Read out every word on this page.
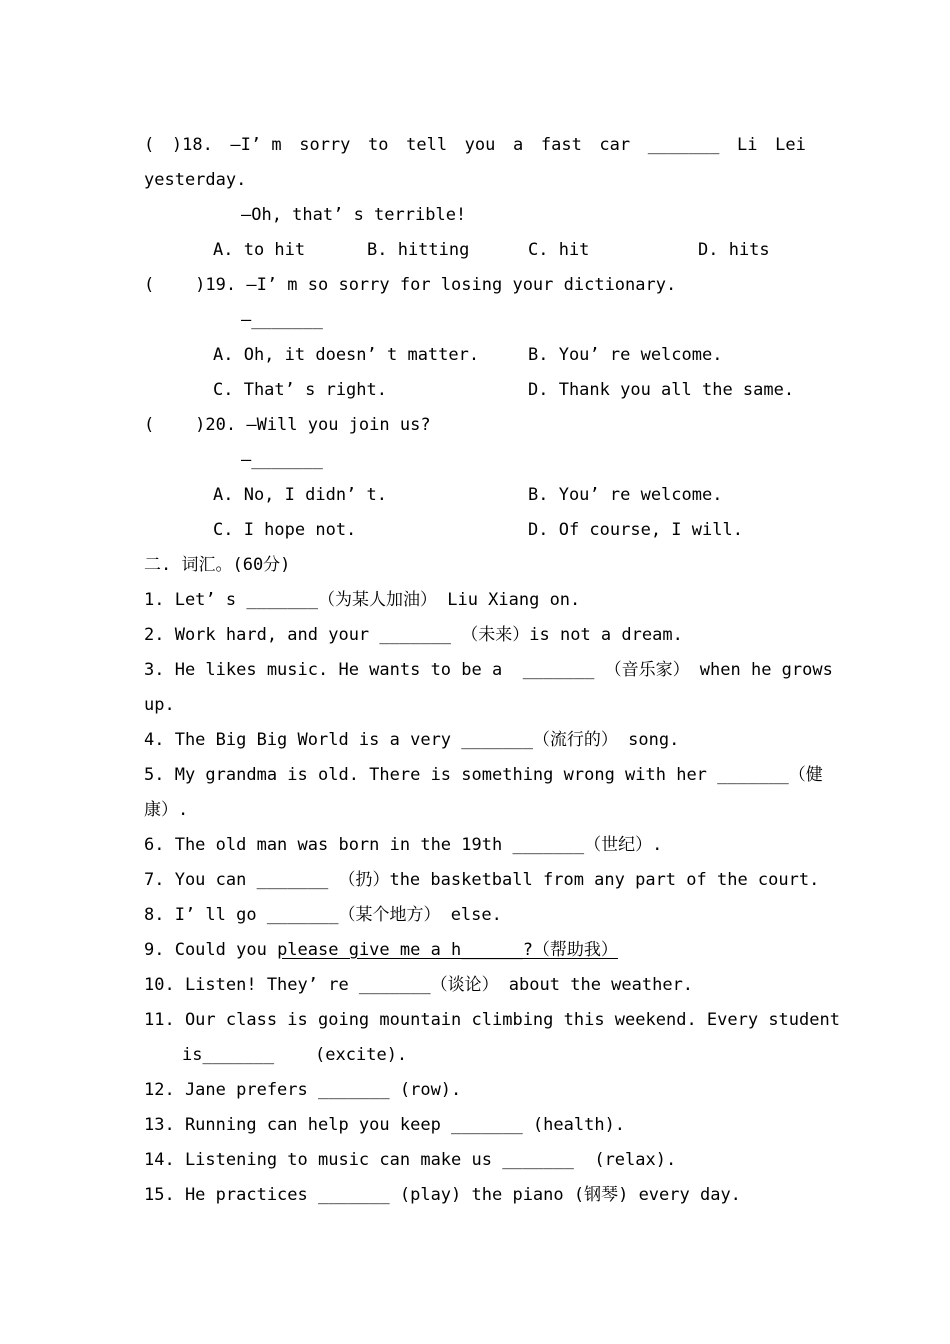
( )18. —I’ m sorry to tell you a fast car _______ Li Lei
yesterday.
—Oh, that’ s terrible!
A. to hit	B. hitting	C. hit	D. hits
(    )19. —I’ m so sorry for losing your dictionary.
—_______
A. Oh, it doesn’ t matter.	B. You’ re welcome.
C. That’ s right.	D. Thank you all the same.
(    )20. —Will you join us?
—_______
A. No, I didn’ t.	B. You’ re welcome.
C. I hope not.	D. Of course, I will.
二. 词汇。(60分)
1. Let’ s _______（为某人加油） Liu Xiang on.
2. Work hard, and your _______ （未来）is not a dream.
3. He likes music. He wants to be a  _______ （音乐家） when he grows
up.
4. The Big Big World is a very _______（流行的） song.
5. My grandma is old. There is something wrong with her _______（健
康）.
6. The old man was born in the 19th _______（世纪）.
7. You can _______ （扔）the basketball from any part of the court.
8. I’ ll go _______（某个地方） else.
9. Could you please give me a h______?（帮助我）
10. Listen! They’ re _______（谈论） about the weather.
11. Our class is going mountain climbing this weekend. Every student
is_______    (excite).
12. Jane prefers _______ (row).
13. Running can help you keep _______ (health).
14. Listening to music can make us _______  (relax).
15. He practices _______ (play) the piano (钢琴) every day.
